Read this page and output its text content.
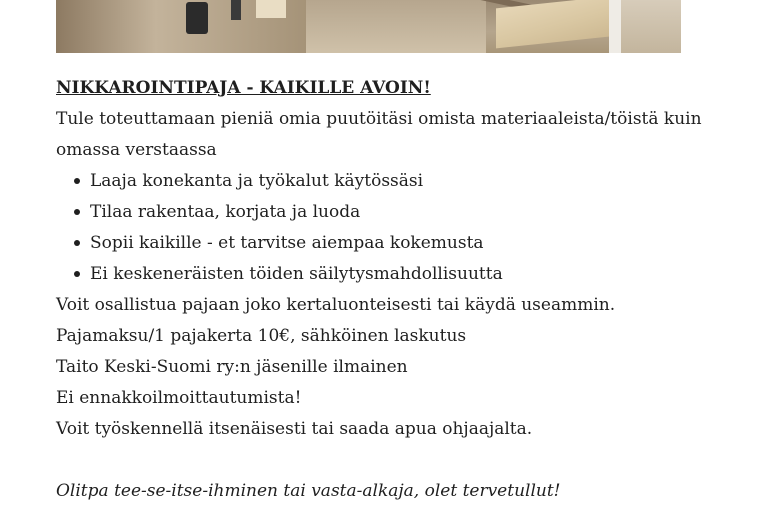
NIKKAROINTIPAJA - KAIKILLE AVOIN!

Tule toteuttamaan pieniä omia puutöitäsi omista materiaaleista/töistä kuin

omassa verstaassa

Laaja konekanta ja työkalut käytössäsi
Tilaa rakentaa, korjata ja luoda
Sopii kaikille - et tarvitse aiempaa kokemusta
Ei keskeneräisten töiden säilytysmahdollisuutta

Voit osallistua pajaan joko kertaluonteisesti tai käydä useammin.

Pajamaksu/1 pajakerta 10€, sähköinen laskutus

Taito Keski-Suomi ry:n jäsenille ilmainen

Ei ennakkoilmoittautumista!

Voit työskennellä itsenäisesti tai saada apua ohjaajalta.

Olitpa tee-se-itse-ihminen tai vasta-alkaja, olet tervetullut!
